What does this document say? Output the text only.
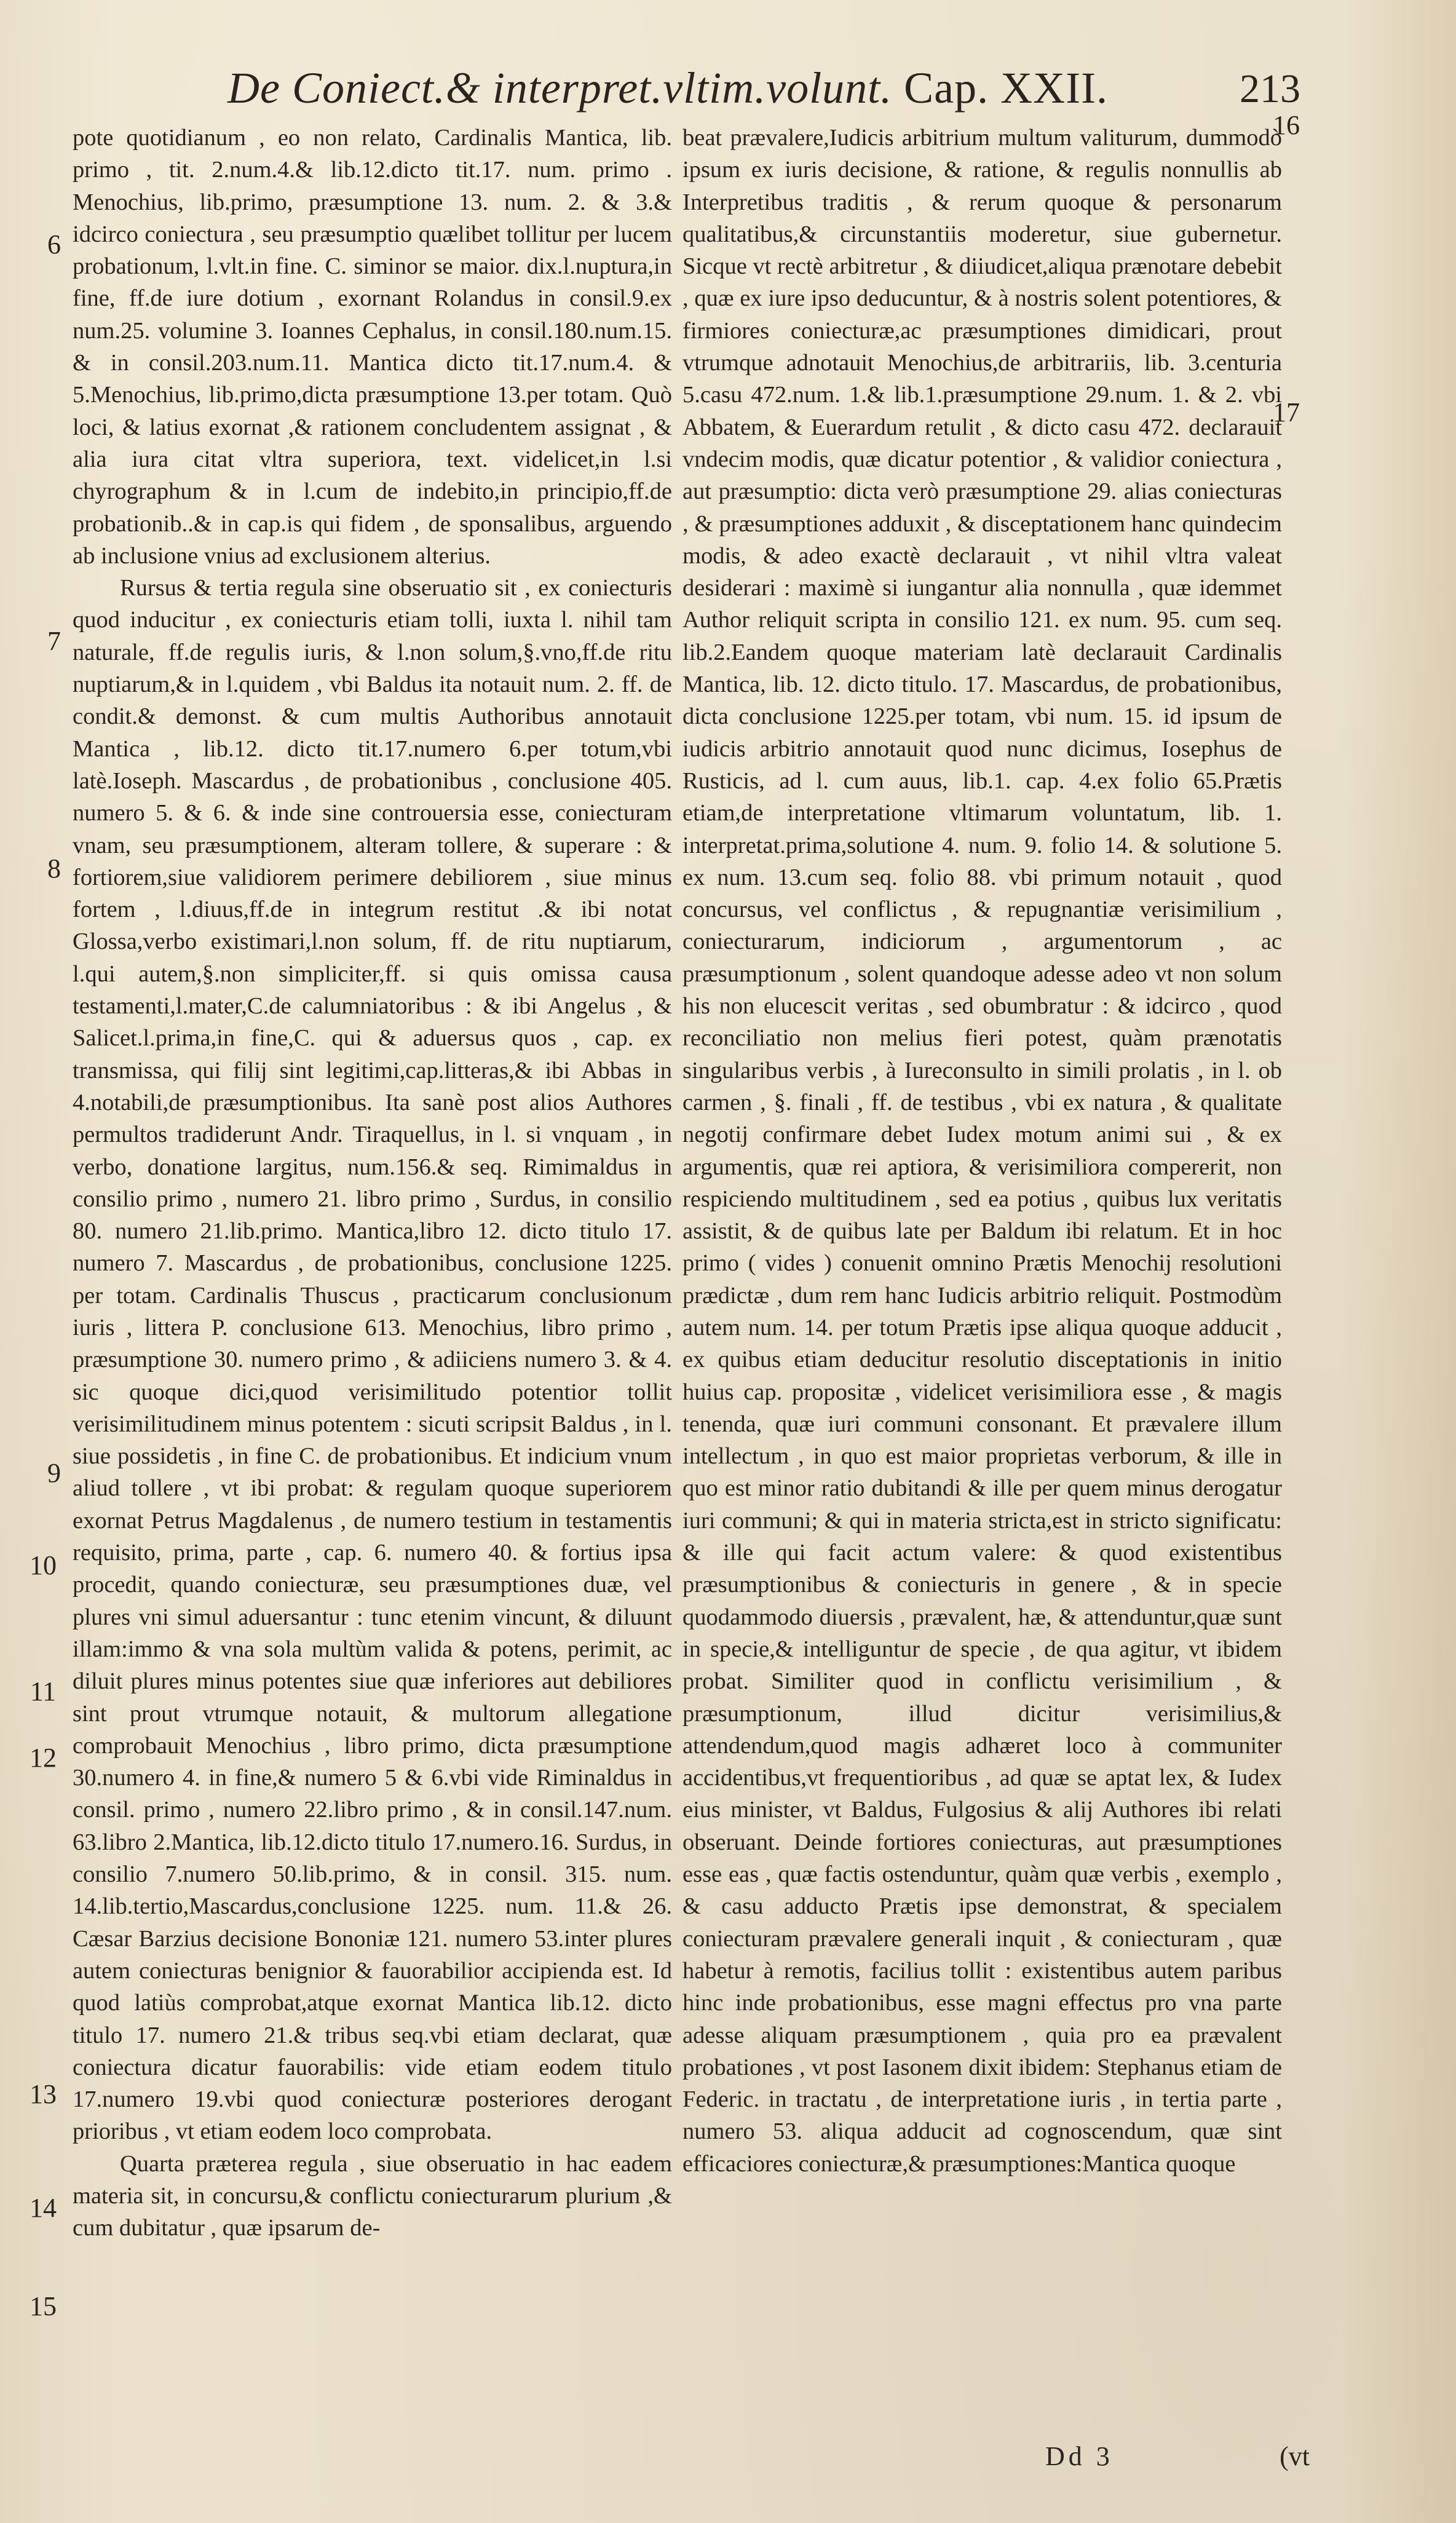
De Coniect.& interpret.vltim.volunt. Cap. XXII.	213

pote quotidianum , eo non relato, Cardinalis Mantica, lib. primo , tit. 2.num.4.& lib.12.dicto tit.17. num. primo . Menochius, lib.primo, præsumptione 13. num. 2. & 3.& idcirco coniectura , seu præsumptio quælibet tollitur per lucem probationum, l.vlt.in fine. C. siminor se maior. dix.l.nuptura,in fine, ff.de iure dotium , exornant Rolandus in consil.9.ex num.25. volumine 3. Ioannes Cephalus, in consil.180.num.15. & in consil.203.num.11. Mantica dicto tit.17.num.4. & 5.Menochius, lib.primo,dicta præsumptione 13.per totam. Quò loci, & latius exornat ,& rationem concludentem assignat , & alia iura citat vltra superiora, text. videlicet,in l.si chyrographum & in l.cum de indebito,in principio,ff.de probationib..& in cap.is qui fidem , de sponsalibus, arguendo ab inclusione vnius ad exclusionem alterius.

Rursus & tertia regula sine obseruatio sit , ex coniecturis quod inducitur , ex coniecturis etiam tolli, iuxta l. nihil tam naturale, ff.de regulis iuris, & l.non solum,§.vno,ff.de ritu nuptiarum,& in l.quidem , vbi Baldus ita notauit num. 2. ff. de condit.& demonst. & cum multis Authoribus annotauit Mantica , lib.12. dicto tit.17.numero 6.per totum,vbi latè.Ioseph. Mascardus , de probationibus , conclusione 405. numero 5. & 6. & inde sine controuersia esse, coniecturam vnam, seu præsumptionem, alteram tollere, & superare : & fortiorem,siue validiorem perimere debiliorem , siue minus fortem , l.diuus,ff.de in integrum restitut .& ibi notat Glossa,verbo existimari,l.non solum, ff. de ritu nuptiarum, l.qui autem,§.non simpliciter,ff. si quis omissa causa testamenti,l.mater,C.de calumniatoribus : & ibi Angelus , & Salicet.l.prima,in fine,C. qui & aduersus quos , cap. ex transmissa, qui filij sint legitimi,cap.litteras,& ibi Abbas in 4.notabili,de præsumptionibus. Ita sanè post alios Authores permultos tradiderunt Andr. Tiraquellus, in l. si vnquam , in verbo, donatione largitus, num.156.& seq. Rimimaldus in consilio primo , numero 21. libro primo , Surdus, in consilio 80. numero 21.lib.primo. Mantica,libro 12. dicto titulo 17. numero 7. Mascardus , de probationibus, conclusione 1225. per totam. Cardinalis Thuscus , practicarum conclusionum iuris , littera P. conclusione 613. Menochius, libro primo , præsumptione 30. numero primo , & adiiciens numero 3. & 4. sic quoque dici,quod verisimilitudo potentior tollit verisimilitudinem minus potentem : sicuti scripsit Baldus , in l. siue possidetis , in fine C. de probationibus. Et indicium vnum aliud tollere , vt ibi probat: & regulam quoque superiorem exornat Petrus Magdalenus , de numero testium in testamentis requisito, prima, parte , cap. 6. numero 40. & fortius ipsa procedit, quando coniecturæ, seu præsumptiones duæ, vel plures vni simul aduersantur : tunc etenim vincunt, & diluunt illam:immo & vna sola multùm valida & potens, perimit, ac diluit plures minus potentes siue quæ inferiores aut debiliores sint prout vtrumque notauit, & multorum allegatione comprobauit Menochius , libro primo, dicta præsumptione 30.numero 4. in fine,& numero 5 & 6.vbi vide Riminaldus in consil. primo , numero 22.libro primo , & in consil.147.num. 63.libro 2.Mantica, lib.12.dicto titulo 17.numero.16. Surdus, in consilio 7.numero 50.lib.primo, & in consil. 315. num. 14.lib.tertio,Mascardus,conclusione 1225. num. 11.& 26. Cæsar Barzius decisione Bononiæ 121. numero 53.inter plures autem coniecturas benignior & fauorabilior accipienda est. Id quod latiùs comprobat,atque exornat Mantica lib.12. dicto titulo 17. numero 21.& tribus seq.vbi etiam declarat, quæ coniectura dicatur fauorabilis: vide etiam eodem titulo 17.numero 19.vbi quod coniecturæ posteriores derogant prioribus , vt etiam eodem loco comprobata.

Quarta præterea regula , siue obseruatio in hac eadem materia sit, in concursu,& conflictu coniecturarum plurium ,& cum dubitatur , quæ ipsarum de-

beat prævalere,Iudicis arbitrium multum valiturum, dummodò ipsum ex iuris decisione, & ratione, & regulis nonnullis ab Interpretibus traditis , & rerum quoque & personarum qualitatibus,& circunstantiis moderetur, siue gubernetur. Sicque vt rectè arbitretur , & diiudicet,aliqua prænotare debebit , quæ ex iure ipso deducuntur, & à nostris solent potentiores, & firmiores coniecturæ,ac præsumptiones dimidicari, prout vtrumque adnotauit Menochius,de arbitrariis, lib. 3.centuria 5.casu 472.num. 1.& lib.1.præsumptione 29.num. 1. & 2. vbi Abbatem, & Euerardum retulit , & dicto casu 472. declarauit vndecim modis, quæ dicatur potentior , & validior coniectura , aut præsumptio: dicta verò præsumptione 29. alias coniecturas , & præsumptiones adduxit , & disceptationem hanc quindecim modis, & adeo exactè declarauit , vt nihil vltra valeat desiderari : maximè si iungantur alia nonnulla , quæ idemmet Author reliquit scripta in consilio 121. ex num. 95. cum seq. lib.2.Eandem quoque materiam latè declarauit Cardinalis Mantica, lib. 12. dicto titulo. 17. Mascardus, de probationibus, dicta conclusione 1225.per totam, vbi num. 15. id ipsum de iudicis arbitrio annotauit quod nunc dicimus, Iosephus de Rusticis, ad l. cum auus, lib.1. cap. 4.ex folio 65.Prætis etiam,de interpretatione vltimarum voluntatum, lib. 1. interpretat.prima,solutione 4. num. 9. folio 14. & solutione 5. ex num. 13.cum seq. folio 88. vbi primum notauit , quod concursus, vel conflictus , & repugnantiæ verisimilium , coniecturarum, indiciorum , argumentorum , ac præsumptionum , solent quandoque adesse adeo vt non solum his non elucescit veritas , sed obumbratur : & idcirco , quod reconciliatio non melius fieri potest, quàm prænotatis singularibus verbis , à Iureconsulto in simili prolatis , in l. ob carmen , §. finali , ff. de testibus , vbi ex natura , & qualitate negotij confirmare debet Iudex motum animi sui , & ex argumentis, quæ rei aptiora, & verisimiliora compererit, non respiciendo multitudinem , sed ea potius , quibus lux veritatis assistit, & de quibus late per Baldum ibi relatum. Et in hoc primo ( vides ) conuenit omnino Prætis Menochij resolutioni prædictæ , dum rem hanc Iudicis arbitrio reliquit. Postmodùm autem num. 14. per totum Prætis ipse aliqua quoque adducit , ex quibus etiam deducitur resolutio disceptationis in initio huius cap. propositæ , videlicet verisimiliora esse , & magis tenenda, quæ iuri communi consonant. Et prævalere illum intellectum , in quo est maior proprietas verborum, & ille in quo est minor ratio dubitandi & ille per quem minus derogatur iuri communi; & qui in materia stricta,est in stricto significatu: & ille qui facit actum valere: & quod existentibus præsumptionibus & coniecturis in genere , & in specie quodammodo diuersis , prævalent, hæ, & attenduntur,quæ sunt in specie,& intelliguntur de specie , de qua agitur, vt ibidem probat. Similiter quod in conflictu verisimilium , & præsumptionum, illud dicitur verisimilius,& attendendum,quod magis adhæret loco à communiter accidentibus,vt frequentioribus , ad quæ se aptat lex, & Iudex eius minister, vt Baldus, Fulgosius & alij Authores ibi relati obseruant. Deinde fortiores coniecturas, aut præsumptiones esse eas , quæ factis ostenduntur, quàm quæ verbis , exemplo , & casu adducto Prætis ipse demonstrat, & specialem coniecturam prævalere generali inquit , & coniecturam , quæ habetur à remotis, facilius tollit : existentibus autem paribus hinc inde probationibus, esse magni effectus pro vna parte adesse aliquam præsumptionem , quia pro ea prævalent probationes , vt post Iasonem dixit ibidem: Stephanus etiam de Federic. in tractatu , de interpretatione iuris , in tertia parte , numero 53. aliqua adducit ad cognoscendum, quæ sint efficaciores coniecturæ,& præsumptiones:Mantica quoque

6
7
8
9
10
11
12
13
14
15
16
17
Dd 3	(vt
